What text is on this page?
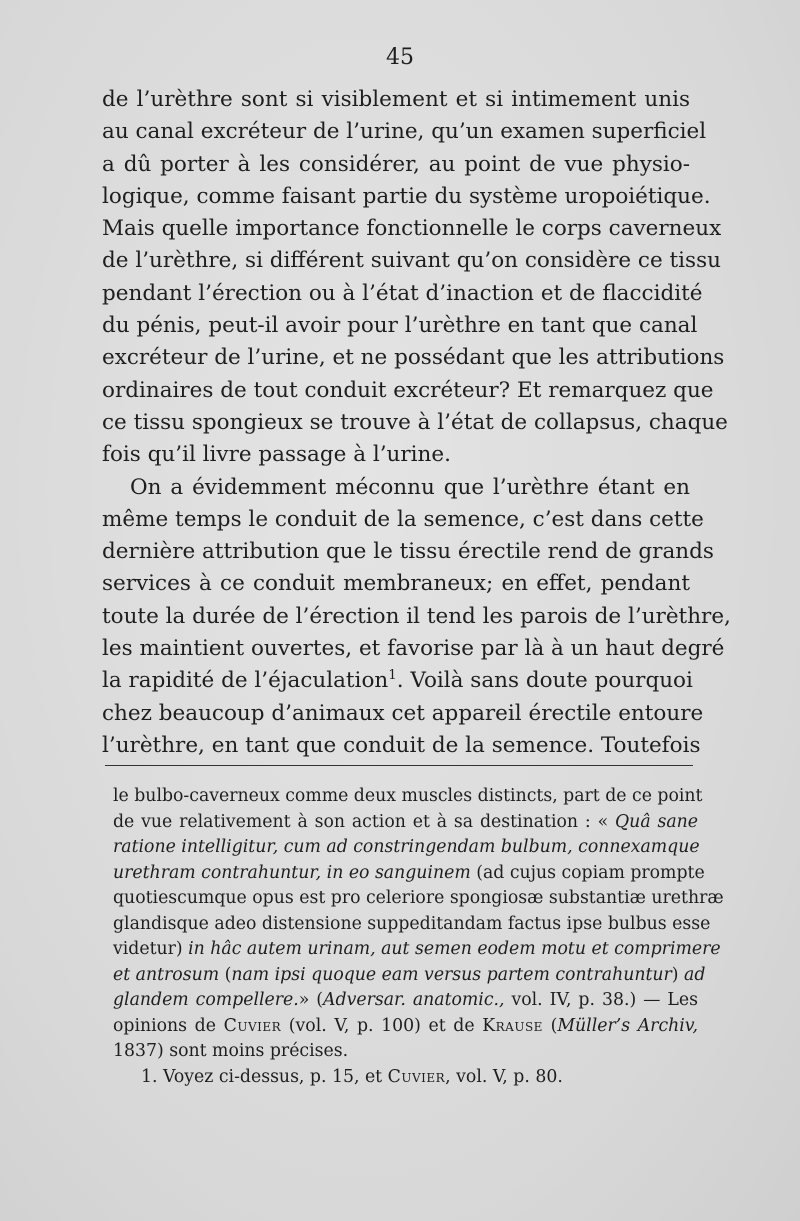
45
de l’urèthre sont si visiblement et si intimement unis
au canal excréteur de l’urine, qu’un examen superficiel
a dû porter à les considérer, au point de vue physio-
logique, comme faisant partie du système uropoiétique.
Mais quelle importance fonctionnelle le corps caverneux
de l’urèthre, si différent suivant qu’on considère ce tissu
pendant l’érection ou à l’état d’inaction et de flaccidité
du pénis, peut-il avoir pour l’urèthre en tant que canal
excréteur de l’urine, et ne possédant que les attributions
ordinaires de tout conduit excréteur? Et remarquez que
ce tissu spongieux se trouve à l’état de collapsus, chaque
fois qu’il livre passage à l’urine.
On a évidemment méconnu que l’urèthre étant en
même temps le conduit de la semence, c’est dans cette
dernière attribution que le tissu érectile rend de grands
services à ce conduit membraneux; en effet, pendant
toute la durée de l’érection il tend les parois de l’urèthre,
les maintient ouvertes, et favorise par là à un haut degré
la rapidité de l’éjaculation$^1$. Voilà sans doute pourquoi
chez beaucoup d’animaux cet appareil érectile entoure
l’urèthre, en tant que conduit de la semence. Toutefois
le bulbo-caverneux comme deux muscles distincts, part de ce point
de vue relativement à son action et à sa destination : « Quâ sane
ratione intelligitur, cum ad constringendam bulbum, connexamque
urethram contrahuntur, in eo sanguinem (ad cujus copiam prompte
quotiescumque opus est pro celeriore spongiosæ substantiæ urethræ
glandisque adeo distensione suppeditandam factus ipse bulbus esse
videtur) in hâc autem urinam, aut semen eodem motu et comprimere
et antrosum (nam ipsi quoque eam versus partem contrahuntur) ad
glandem compellere.» (Adversar. anatomic., vol. IV, p. 38.) — Les
opinions de Cuvier (vol. V, p. 100) et de Krause (Müller’s Archiv,
1837) sont moins précises.
1. Voyez ci-dessus, p. 15, et Cuvier, vol. V, p. 80.
